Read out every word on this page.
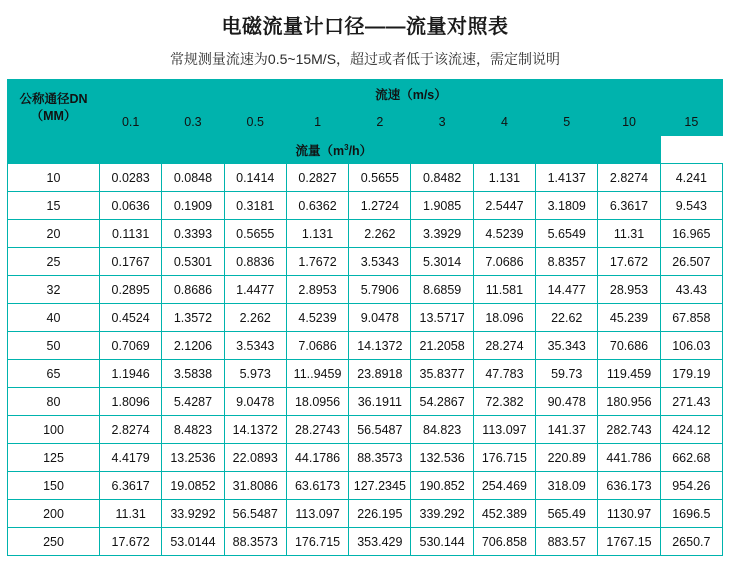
电磁流量计口径——流量对照表
常规测量流速为0.5~15M/S，超过或者低于该流速，需定制说明
公称通径DN
（MM）	流速（m/s）									
	0.1	0.3	0.5	1	2	3	4	5	10	15
流量$(m^3/h)$										
10	0.0283	0.0848	0.1414	0.2827	0.5655	0.8482	1.131	1.4137	2.8274	4.241
15	0.0636	0.1909	0.3181	0.6362	1.2724	1.9085	2.5447	3.1809	6.3617	9.543
20	0.1131	0.3393	0.5655	1.131	2.262	3.3929	4.5239	5.6549	11.31	16.965
25	0.1767	0.5301	0.8836	1.7672	3.5343	5.3014	7.0686	8.8357	17.672	26.507
32	0.2895	0.8686	1.4477	2.8953	5.7906	8.6859	11.581	14.477	28.953	43.43
40	0.4524	1.3572	2.262	4.5239	9.0478	13.5717	18.096	22.62	45.239	67.858
50	0.7069	2.1206	3.5343	7.0686	14.1372	21.2058	28.274	35.343	70.686	106.03
65	1.1946	3.5838	5.973	11..9459	23.8918	35.8377	47.783	59.73	119.459	179.19
80	1.8096	5.4287	9.0478	18.0956	36.1911	54.2867	72.382	90.478	180.956	271.43
100	2.8274	8.4823	14.1372	28.2743	56.5487	84.823	113.097	141.37	282.743	424.12
125	4.4179	13.2536	22.0893	44.1786	88.3573	132.536	176.715	220.89	441.786	662.68
150	6.3617	19.0852	31.8086	63.6173	127.2345	190.852	254.469	318.09	636.173	954.26
200	11.31	33.9292	56.5487	113.097	226.195	339.292	452.389	565.49	1130.97	1696.5
250	17.672	53.0144	88.3573	176.715	353.429	530.144	706.858	883.57	1767.15	2650.7
